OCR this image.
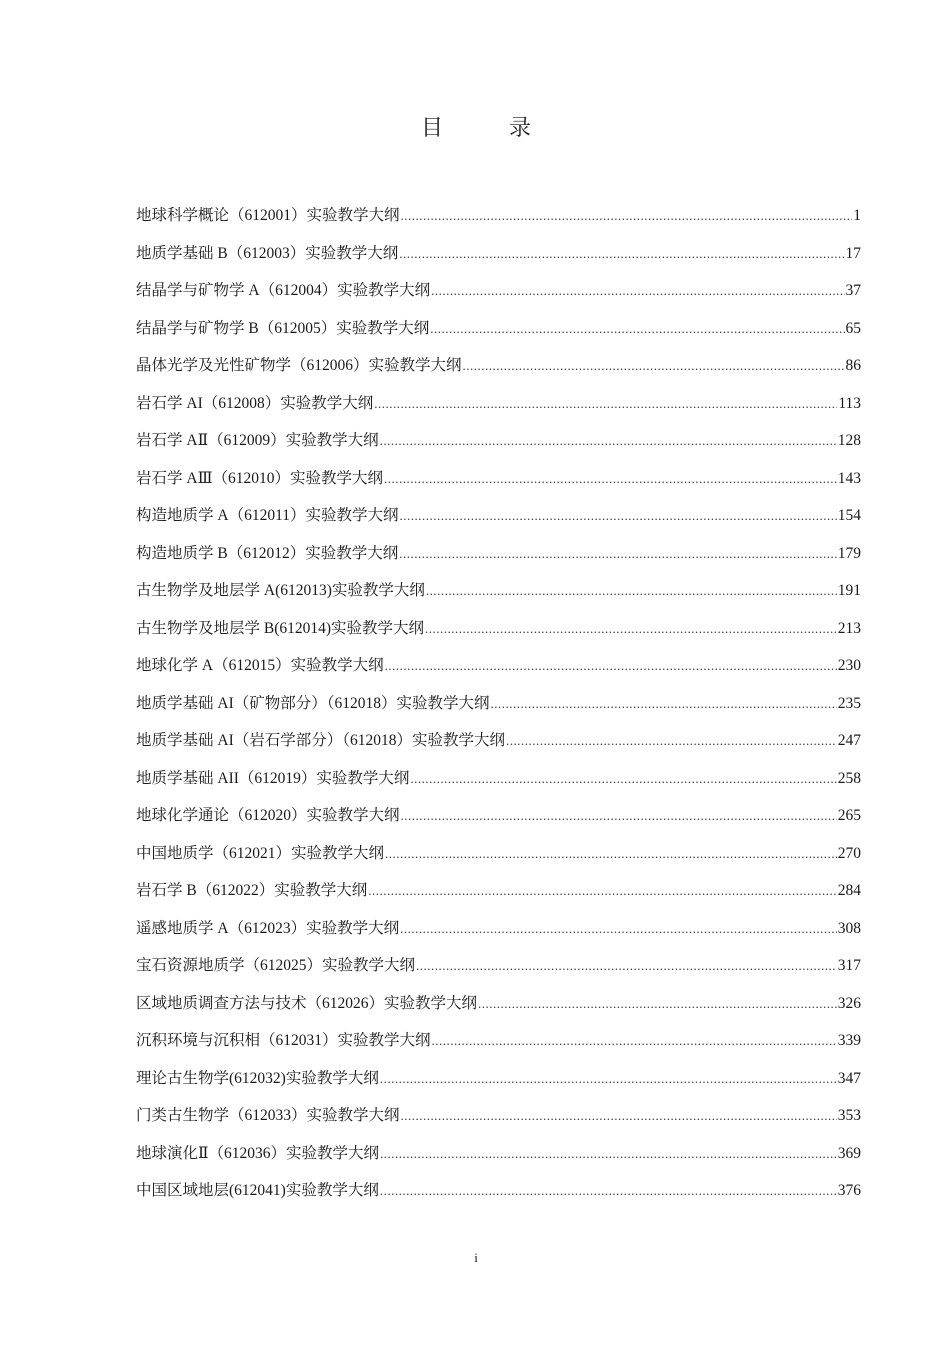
目　录
地球科学概论（612001）实验教学大纲 .....	1
地质学基础 B（612003）实验教学大纲 .....	17
结晶学与矿物学 A（612004）实验教学大纲 .....	37
结晶学与矿物学 B（612005）实验教学大纲 .....	65
晶体光学及光性矿物学（612006）实验教学大纲 .....	86
岩石学 AI（612008）实验教学大纲 .....	113
岩石学 AⅡ（612009）实验教学大纲 .....	128
岩石学 AⅢ（612010）实验教学大纲 .....	143
构造地质学 A（612011）实验教学大纲 .....	154
构造地质学 B（612012）实验教学大纲 .....	179
古生物学及地层学 A(612013)实验教学大纲 .....	191
古生物学及地层学 B(612014)实验教学大纲 .....	213
地球化学 A（612015）实验教学大纲 .....	230
地质学基础 AI（矿物部分）（612018）实验教学大纲 .....	235
地质学基础 AI（岩石学部分）（612018）实验教学大纲 .....	247
地质学基础 AII（612019）实验教学大纲 .....	258
地球化学通论（612020）实验教学大纲 .....	265
中国地质学（612021）实验教学大纲 .....	270
岩石学 B（612022）实验教学大纲 .....	284
遥感地质学 A（612023）实验教学大纲 .....	308
宝石资源地质学（612025）实验教学大纲 .....	317
区域地质调查方法与技术（612026）实验教学大纲 .....	326
沉积环境与沉积相（612031）实验教学大纲 .....	339
理论古生物学(612032)实验教学大纲 .....	347
门类古生物学（612033）实验教学大纲 .....	353
地球演化Ⅱ（612036）实验教学大纲 .....	369
中国区域地层(612041)实验教学大纲 .....	376
i
